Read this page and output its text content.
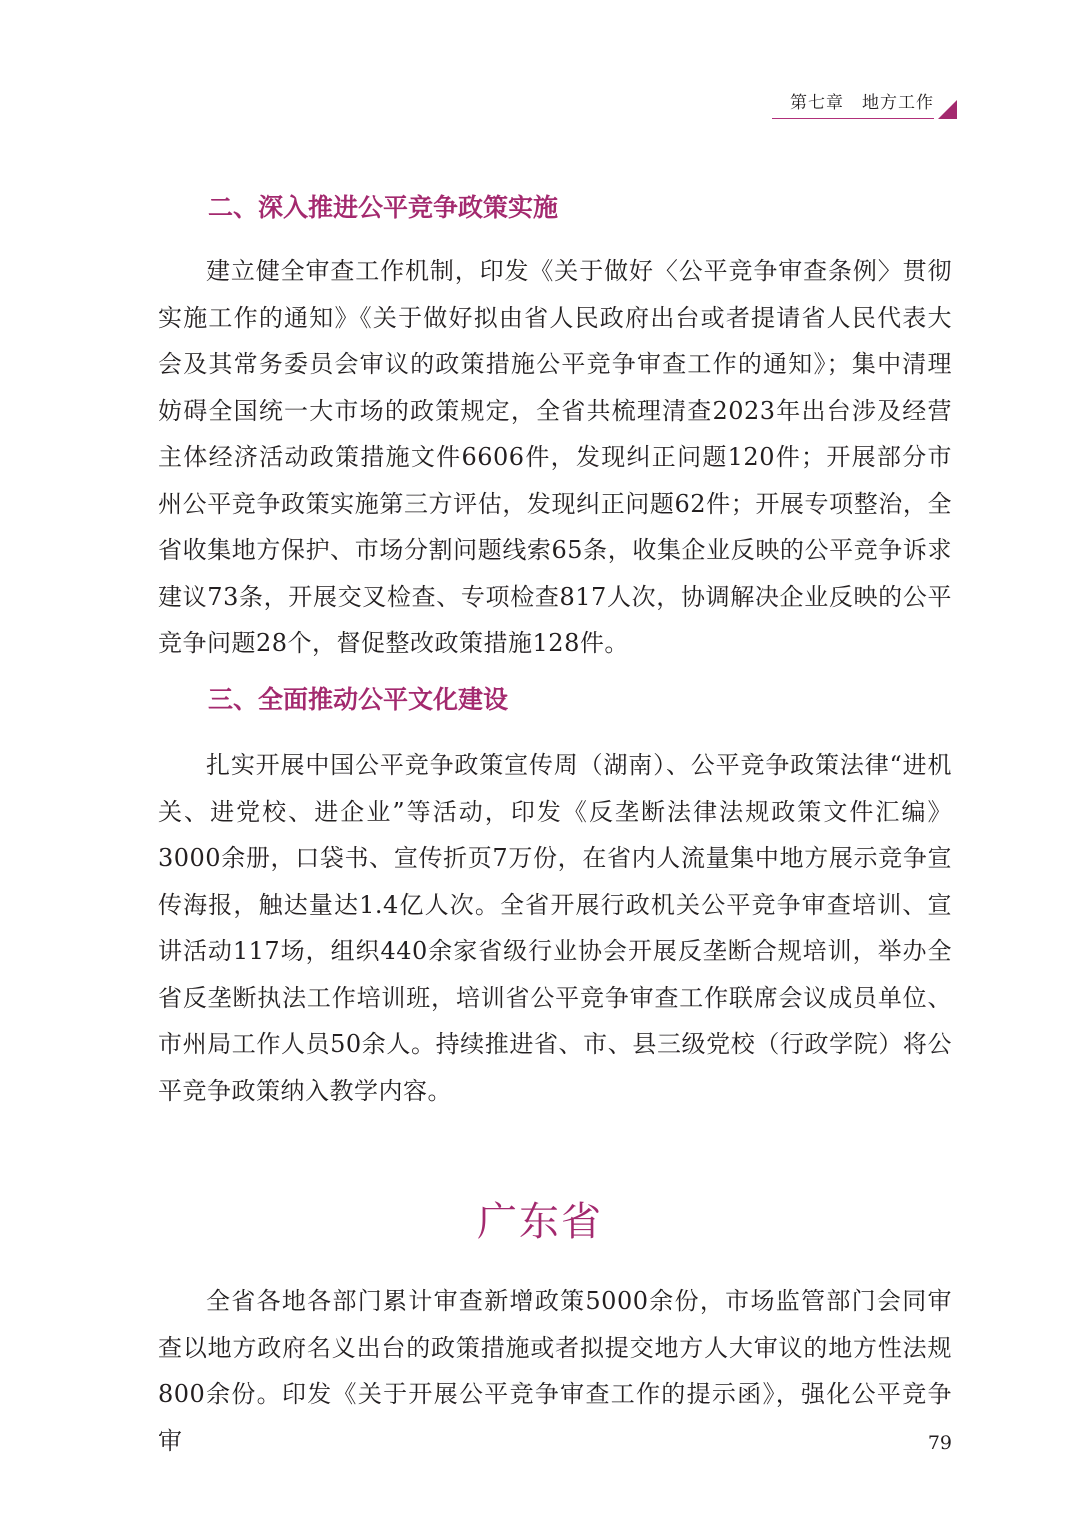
第七章　地方工作
二、深入推进公平竞争政策实施

建立健全审查工作机制，印发《关于做好〈公平竞争审查条例〉贯彻实施工作的通知》《关于做好拟由省人民政府出台或者提请省人民代表大会及其常务委员会审议的政策措施公平竞争审查工作的通知》；集中清理妨碍全国统一大市场的政策规定，全省共梳理清查2023年出台涉及经营主体经济活动政策措施文件6606件，发现纠正问题120件；开展部分市州公平竞争政策实施第三方评估，发现纠正问题62件；开展专项整治，全省收集地方保护、市场分割问题线索65条，收集企业反映的公平竞争诉求建议73条，开展交叉检查、专项检查817人次，协调解决企业反映的公平竞争问题28个，督促整改政策措施128件。

三、全面推动公平文化建设

扎实开展中国公平竞争政策宣传周（湖南）、公平竞争政策法律“进机关、进党校、进企业”等活动，印发《反垄断法律法规政策文件汇编》3000余册，口袋书、宣传折页7万份，在省内人流量集中地方展示竞争宣传海报，触达量达1.4亿人次。全省开展行政机关公平竞争审查培训、宣讲活动117场，组织440余家省级行业协会开展反垄断合规培训，举办全省反垄断执法工作培训班，培训省公平竞争审查工作联席会议成员单位、市州局工作人员50余人。持续推进省、市、县三级党校（行政学院）将公平竞争政策纳入教学内容。

广东省

全省各地各部门累计审查新增政策5000余份，市场监管部门会同审查以地方政府名义出台的政策措施或者拟提交地方人大审议的地方性法规800余份。印发《关于开展公平竞争审查工作的提示函》，强化公平竞争审	79
